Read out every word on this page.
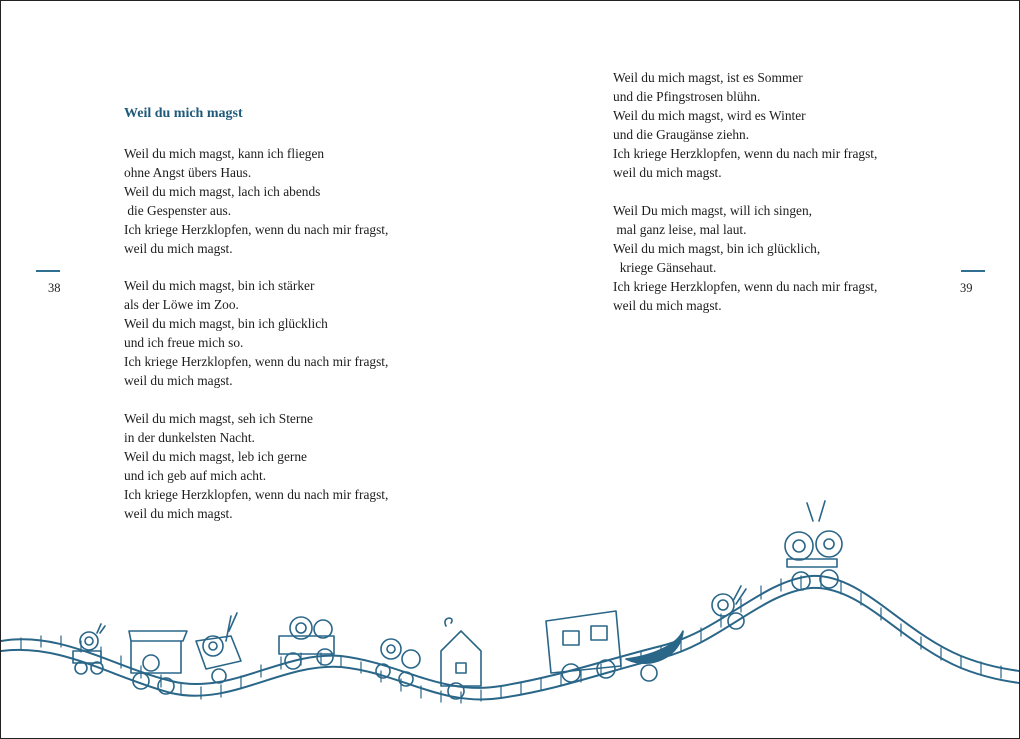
Weil du mich magst
Weil du mich magst, kann ich fliegen
ohne Angst übers Haus.
Weil du mich magst, lach ich abends
die Gespenster aus.
Ich kriege Herzklopfen, wenn du nach mir fragst,
weil du mich magst.
Weil du mich magst, bin ich stärker
als der Löwe im Zoo.
Weil du mich magst, bin ich glücklich
und ich freue mich so.
Ich kriege Herzklopfen, wenn du nach mir fragst,
weil du mich magst.
Weil du mich magst, seh ich Sterne
in der dunkelsten Nacht.
Weil du mich magst, leb ich gerne
und ich geb auf mich acht.
Ich kriege Herzklopfen, wenn du nach mir fragst,
weil du mich magst.
38
Weil du mich magst, ist es Sommer
und die Pfingstrosen blühn.
Weil du mich magst, wird es Winter
und die Graugänse ziehn.
Ich kriege Herzklopfen, wenn du nach mir fragst,
weil du mich magst.
Weil Du mich magst, will ich singen,
mal ganz leise, mal laut.
Weil du mich magst, bin ich glücklich,
kriege Gänsehaut.
Ich kriege Herzklopfen, wenn du nach mir fragst,
weil du mich magst.
39
